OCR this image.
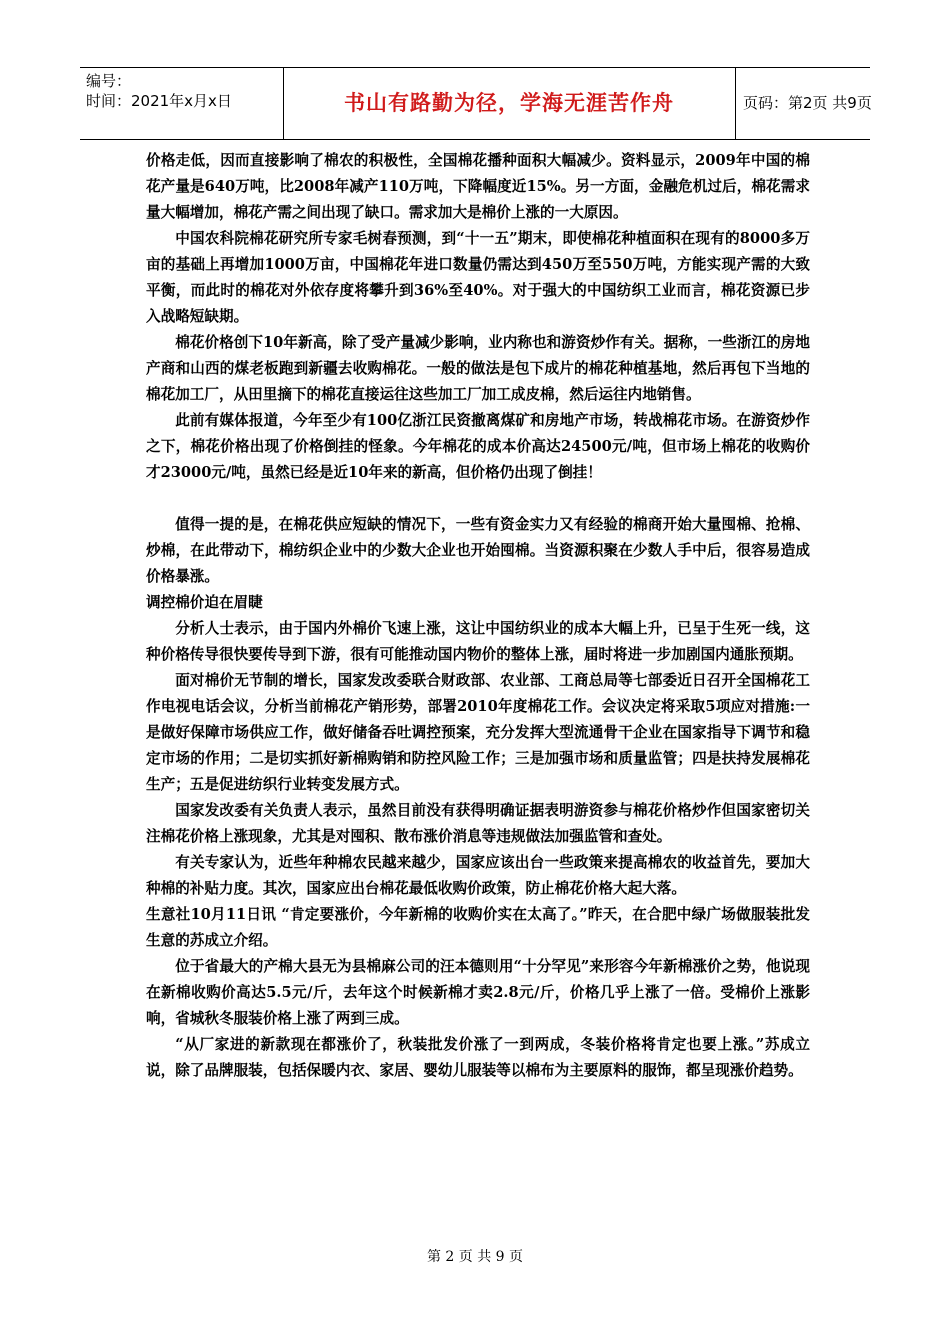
编号：
时间：2021年x月x日	书山有路勤为径，学海无涯苦作舟	页码：第2页 共9页

价格走低，因而直接影响了棉农的积极性，全国棉花播种面积大幅减少。资料显示，2009年中国的棉花产量是640万吨，比2008年减产110万吨，下降幅度近15%。另一方面，金融危机过后，棉花需求量大幅增加，棉花产需之间出现了缺口。需求加大是棉价上涨的一大原因。

中国农科院棉花研究所专家毛树春预测，到“十一五”期末，即使棉花种植面积在现有的8000多万亩的基础上再增加1000万亩，中国棉花年进口数量仍需达到450万至550万吨，方能实现产需的大致平衡，而此时的棉花对外依存度将攀升到36%至40%。对于强大的中国纺织工业而言，棉花资源已步入战略短缺期。

棉花价格创下10年新高，除了受产量减少影响，业内称也和游资炒作有关。据称，一些浙江的房地产商和山西的煤老板跑到新疆去收购棉花。一般的做法是包下成片的棉花种植基地，然后再包下当地的棉花加工厂，从田里摘下的棉花直接运往这些加工厂加工成皮棉，然后运往内地销售。

此前有媒体报道，今年至少有100亿浙江民资撤离煤矿和房地产市场，转战棉花市场。在游资炒作之下，棉花价格出现了价格倒挂的怪象。今年棉花的成本价高达24500元/吨，但市场上棉花的收购价才23000元/吨，虽然已经是近10年来的新高，但价格仍出现了倒挂！

值得一提的是，在棉花供应短缺的情况下，一些有资金实力又有经验的棉商开始大量囤棉、抢棉、炒棉，在此带动下，棉纺织企业中的少数大企业也开始囤棉。当资源积聚在少数人手中后，很容易造成价格暴涨。

调控棉价迫在眉睫

分析人士表示，由于国内外棉价飞速上涨，这让中国纺织业的成本大幅上升，已呈于生死一线，这种价格传导很快要传导到下游，很有可能推动国内物价的整体上涨，届时将进一步加剧国内通胀预期。

面对棉价无节制的增长，国家发改委联合财政部、农业部、工商总局等七部委近日召开全国棉花工作电视电话会议，分析当前棉花产销形势，部署2010年度棉花工作。会议决定将采取5项应对措施:一是做好保障市场供应工作，做好储备吞吐调控预案，充分发挥大型流通骨干企业在国家指导下调节和稳定市场的作用；二是切实抓好新棉购销和防控风险工作；三是加强市场和质量监管；四是扶持发展棉花生产；五是促进纺织行业转变发展方式。

国家发改委有关负责人表示，虽然目前没有获得明确证据表明游资参与棉花价格炒作但国家密切关注棉花价格上涨现象，尤其是对囤积、散布涨价消息等违规做法加强监管和查处。

有关专家认为，近些年种棉农民越来越少，国家应该出台一些政策来提高棉农的收益首先，要加大种棉的补贴力度。其次，国家应出台棉花最低收购价政策，防止棉花价格大起大落。

生意社10月11日讯 “肯定要涨价，今年新棉的收购价实在太高了。”昨天，在合肥中绿广场做服装批发生意的苏成立介绍。

位于省最大的产棉大县无为县棉麻公司的汪本德则用“十分罕见”来形容今年新棉涨价之势，他说现在新棉收购价高达5.5元/斤，去年这个时候新棉才卖2.8元/斤，价格几乎上涨了一倍。受棉价上涨影响，省城秋冬服装价格上涨了两到三成。

“从厂家进的新款现在都涨价了，秋装批发价涨了一到两成，冬装价格将肯定也要上涨。”苏成立说，除了品牌服装，包括保暖内衣、家居、婴幼儿服装等以棉布为主要原料的服饰，都呈现涨价趋势。

第 2 页 共 9 页
